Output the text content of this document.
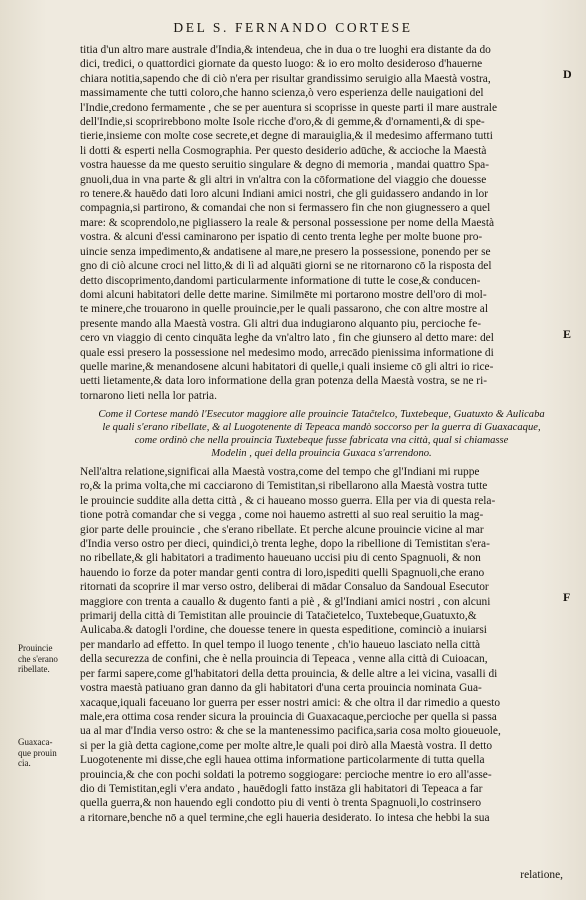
DEL S. FERNANDO CORTESE
D
E
F
titia d'un altro mare australe d'India,& intendeua, che in dua o tre luoghi era distante da do
dici, tredici, o quattordici giornate da questo luogo: & io ero molto desideroso d'hauerne
chiara notitia,sapendo che di ciò n'era per risultar grandissimo seruigio alla Maestà vostra,
massimamente che tutti coloro,che hanno scienza,ò vero esperienza delle nauigationi del
l'Indie,credono fermamente , che se per auentura si scoprisse in queste parti il mare australe
dell'Indie,si scoprirebbono molte Isole ricche d'oro,& di gemme,& d'ornamenti,& di spe-
tierie,insieme con molte cose secrete,et degne di marauiglia,& il medesimo affermano tutti
li dotti & esperti nella Cosmographia. Per questo desiderio adūche, & accioche la Maestà
vostra hauesse da me questo seruitio singulare & degno di memoria , mandai quattro Spa-
gnuoli,dua in vna parte & gli altri in vn'altra con la cōformatione del viaggio che douesse
ro tenere.& hauēdo dati loro alcuni Indiani amici nostri, che gli guidassero andando in lor
compagnia,si partirono, & comandai che non si fermassero fin che non giugnessero a quel
mare: & scoprendolo,ne pigliassero la reale & personal possessione per nome della Maestà
vostra. & alcuni d'essi caminarono per ispatio di cento trenta leghe per molte buone pro-
uincie senza impedimento,& andatisene al mare,ne presero la possessione, ponendo per se
gno di ciò alcune croci nel litto,& di lì ad alquāti giorni se ne ritornarono cō la risposta del
detto discoprimento,dandomi particularmente informatione di tutte le cose,& conducen-
domi alcuni habitatori delle dette marine. Similmēte mi portarono mostre dell'oro di mol-
te minere,che trouarono in quelle prouincie,per le quali passarono, che con altre mostre al
presente mando alla Maestà vostra. Gli altri dua indugiarono alquanto piu, percioche fe-
cero vn viaggio di cento cinquāta leghe da vn'altro lato , fin che giunsero al detto mare: del
quale essi presero la possessione nel medesimo modo, arrecādo pienissima informatione di
quelle marine,& menandosene alcuni habitatori di quelle,i quali insieme cō gli altri io rice-
uetti lietamente,& data loro informatione della gran potenza della Maestà vostra, se ne ri-
tornarono lieti nella lor patria.
Come il Cortese mandò l'Esecutor maggiore alle prouincie Tatačtelco, Tuxtebeque, Guatuxto & Aulicaba
le quali s'erano ribellate, & al Luogotenente di Tepeaca mandò soccorso per la guerra di Guaxacaque,
come ordinò che nella prouincia Tuxtebeque fusse fabricata vna città, qual si chiamasse
Modelin , quei della prouincia Guxaca s'arrendono.
Nell'altra relatione,significai alla Maestà vostra,come del tempo che gl'Indiani mi ruppe
ro,& la prima volta,che mi cacciarono di Temistitan,si ribellarono alla Maestà vostra tutte
le prouincie suddite alla detta città , & ci haueano mosso guerra. Ella per via di questa rela-
tione potrà comandar che si vegga , come noi hauemo astretti al suo real seruitio la mag-
gior parte delle prouincie , che s'erano ribellate. Et perche alcune prouincie vicine al mar
d'India verso ostro per dieci, quindici,ò trenta leghe, dopo la ribellione di Temistitan s'era-
no ribellate,& gli habitatori a tradimento haueuano uccisi piu di cento Spagnuoli, & non
hauendo io forze da poter mandar genti contra di loro,ispediti quelli Spagnuoli,che erano
ritornati da scoprire il mar verso ostro, deliberai di mādar Consaluo da Sandoual Esecutor
maggiore con trenta a cauallo & dugento fanti a piè , & gl'Indiani amici nostri , con alcuni
primarij della città di Temistitan alle prouincie di Tatačietelco, Tuxtebeque,Guatuxto,&
Aulicaba.& datogli l'ordine, che douesse tenere in questa espeditione, cominciò a inuiarsi
per mandarlo ad effetto. In quel tempo il luogo tenente , ch'io haueuo lasciato nella città
della securezza de confini, che è nella prouincia di Tepeaca , venne alla città di Cuioacan,
per farmi sapere,come gl'habitatori della detta prouincia, & delle altre a lei vicina, vasalli di
vostra maestà patiuano gran danno da gli habitatori d'una certa prouincia nominata Gua-
xacaque,iquali faceuano lor guerra per esser nostri amici: & che oltra il dar rimedio a questo
male,era ottima cosa render sicura la prouincia di Guaxacaque,percioche per quella si passa
ua al mar d'India verso ostro: & che se la mantenessimo pacifica,saria cosa molto gioueuole,
si per la già detta cagione,come per molte altre,le quali poi dirò alla Maestà vostra. Il detto
Luogotenente mi disse,che egli hauea ottima informatione particolarmente di tutta quella
prouincia,& che con pochi soldati la potremo soggiogare: percioche mentre io ero all'asse-
dio di Temistitan,egli v'era andato , hauēdogli fatto instāza gli habitatori di Tepeaca a far
quella guerra,& non hauendo egli condotto piu di venti ò trenta Spagnuoli,lo costrinsero
a ritornare,benche nō a quel termine,che egli haueria desiderato. Io intesa che hebbi la sua
Prouincie
che s'erano
ribellate.
Guaxaca-
que prouin
cia.
relatione,
